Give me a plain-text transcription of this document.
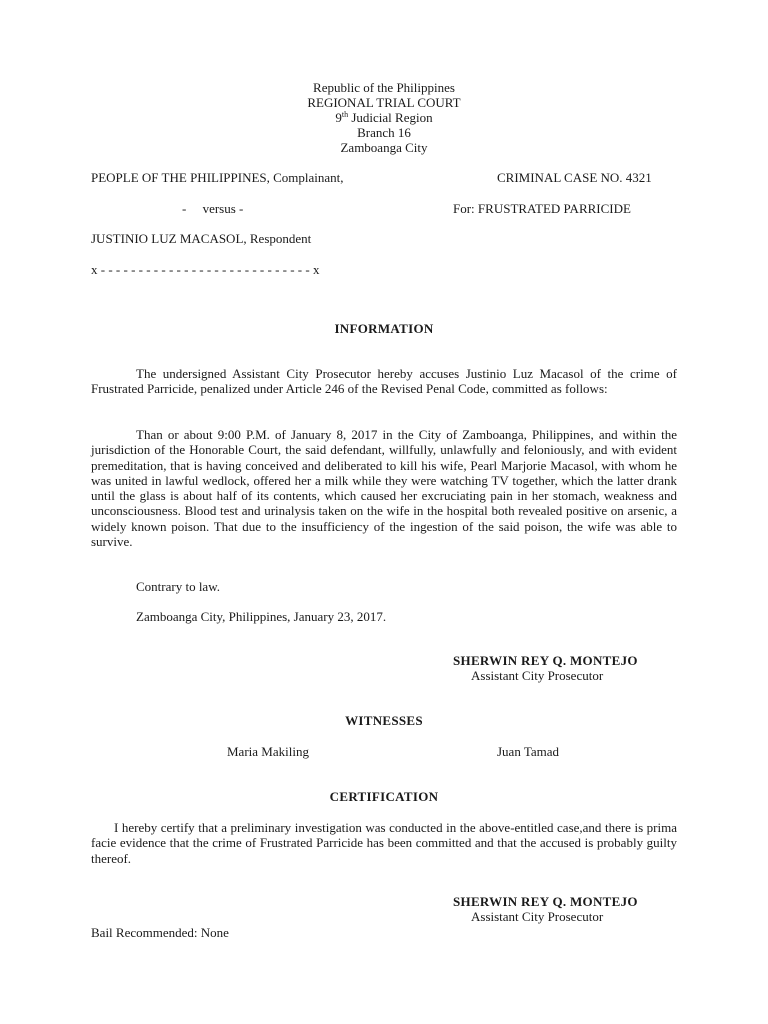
Republic of the Philippines
REGIONAL TRIAL COURT
9th Judicial Region
Branch 16
Zamboanga City
PEOPLE OF THE PHILIPPINES, Complainant,	CRIMINAL CASE NO. 4321
-     versus -	For: FRUSTRATED PARRICIDE
JUSTINIO LUZ MACASOL, Respondent
x - - - - - - - - - - - - - - - - - - - - - - - - - - - - x
INFORMATION
The undersigned Assistant City Prosecutor hereby accuses Justinio Luz Macasol of the crime of Frustrated Parricide, penalized under Article 246 of the Revised Penal Code, committed as follows:
Than or about 9:00 P.M. of January 8, 2017 in the City of Zamboanga, Philippines, and within the jurisdiction of the Honorable Court, the said defendant, willfully, unlawfully and feloniously, and with evident premeditation, that is having conceived and deliberated to kill his wife, Pearl Marjorie Macasol, with whom he was united in lawful wedlock, offered her a milk while they were watching TV together, which the latter drank until the glass is about half of its contents, which caused her excruciating pain in her stomach, weakness and unconsciousness. Blood test and urinalysis taken on the wife in the hospital both revealed positive on arsenic, a widely known poison. That due to the insufficiency of the ingestion of the said poison, the wife was able to survive.
Contrary to law.
Zamboanga City, Philippines, January 23, 2017.
SHERWIN REY Q. MONTEJO
Assistant City Prosecutor
WITNESSES
Maria Makiling	Juan Tamad
CERTIFICATION
I hereby certify that a preliminary investigation was conducted in the above-entitled case,and there is prima facie evidence that the crime of Frustrated Parricide has been committed and that the accused is probably guilty thereof.
SHERWIN REY Q. MONTEJO
Assistant City Prosecutor
Bail Recommended: None
